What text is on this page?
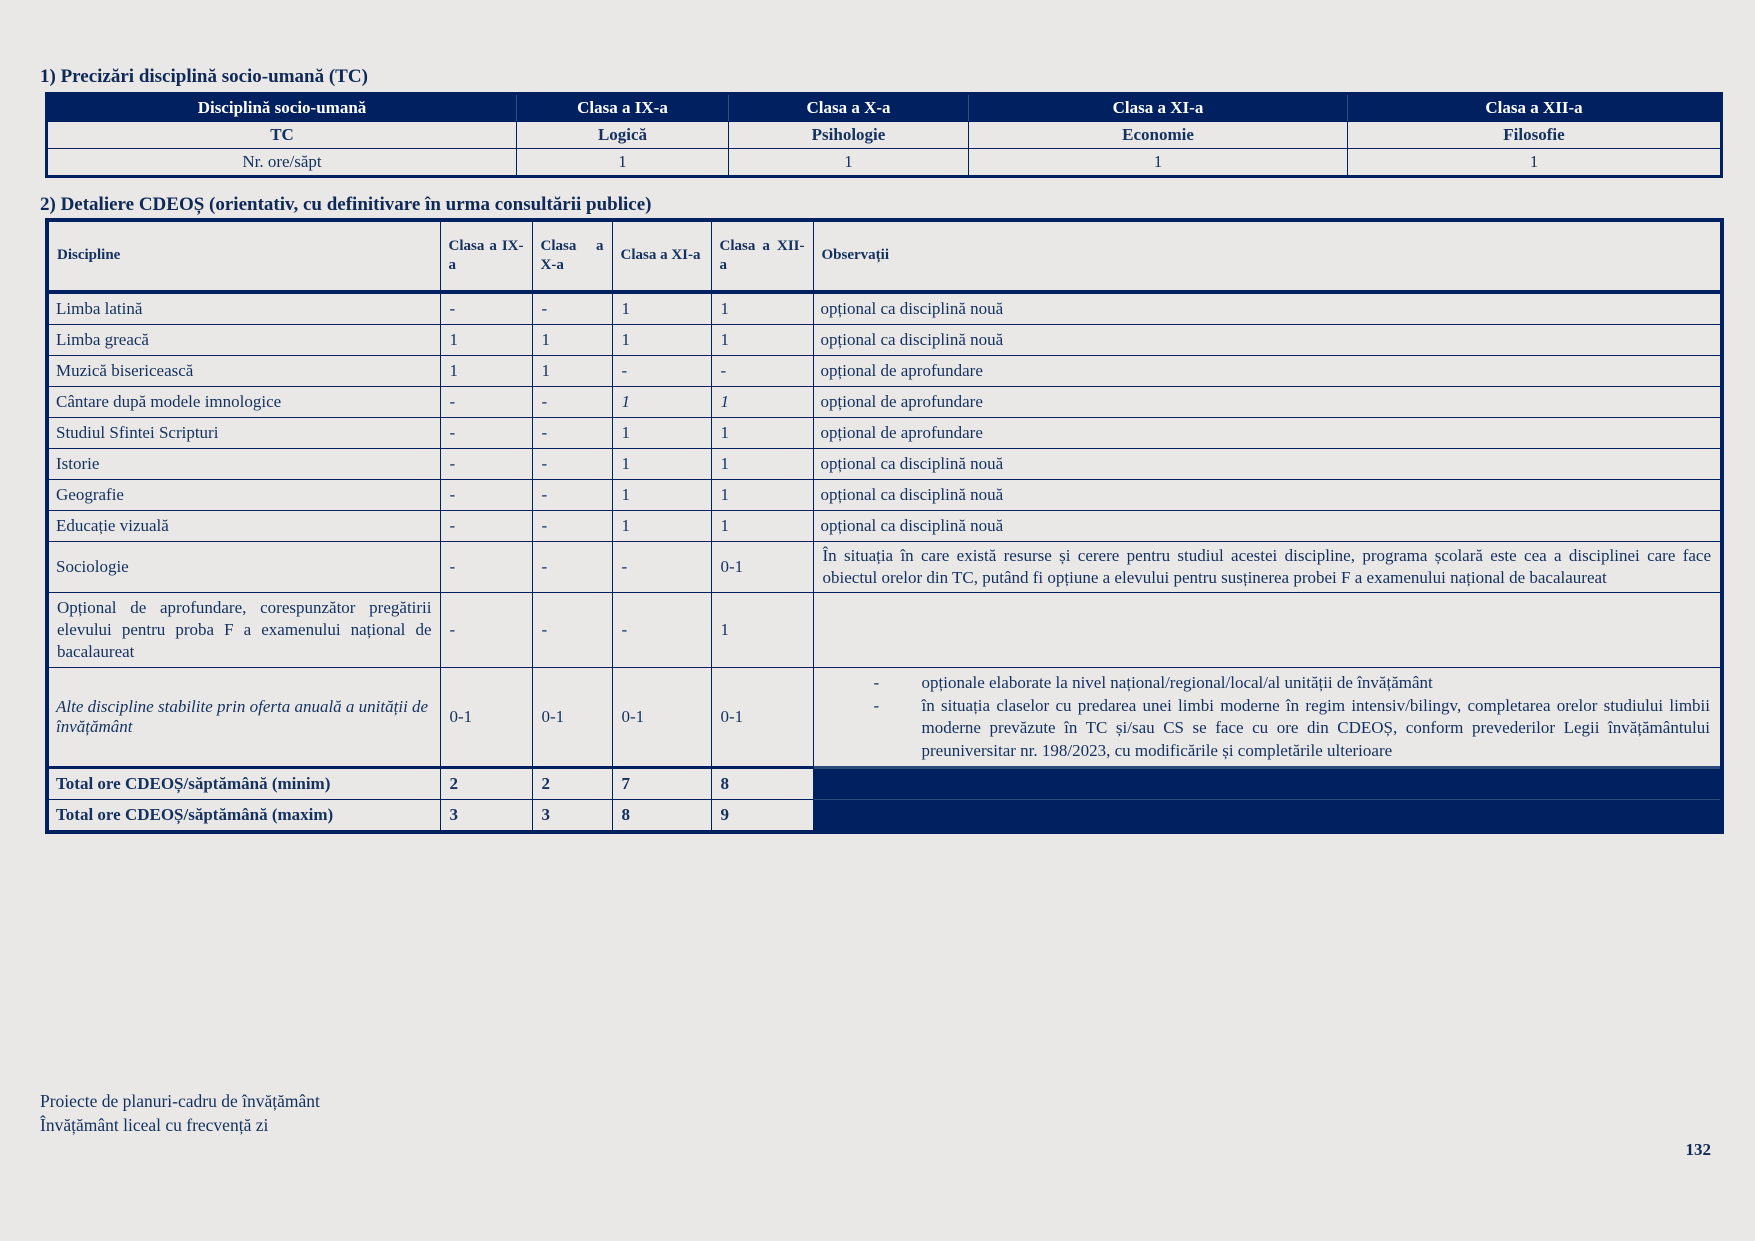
1) Precizări disciplină socio-umană (TC)
Disciplină socio-umană	Clasa a IX-a	Clasa a X-a	Clasa a XI-a	Clasa a XII-a
TC	Logică	Psihologie	Economie	Filosofie
Nr. ore/săpt	1	1	1	1
2) Detaliere CDEOȘ (orientativ, cu definitivare în urma consultării publice)
Discipline	Clasa a IX-a	Clasa a X-a	Clasa a XI-a	Clasa a XII-a	Observații
Limba latină	-	-	1	1	opțional ca disciplină nouă
Limba greacă	1	1	1	1	opțional ca disciplină nouă
Muzică bisericească	1	1	-	-	opțional de aprofundare
Cântare după modele imnologice	-	-	1	1	opțional de aprofundare
Studiul Sfintei Scripturi	-	-	1	1	opțional de aprofundare
Istorie	-	-	1	1	opțional ca disciplină nouă
Geografie	-	-	1	1	opțional ca disciplină nouă
Educație vizuală	-	-	1	1	opțional ca disciplină nouă
Sociologie	-	-	-	0-1	În situația în care există resurse și cerere pentru studiul acestei discipline, programa școlară este cea a disciplinei care face obiectul orelor din TC, putând fi opțiune a elevului pentru susținerea probei F a examenului național de bacalaureat
Opțional de aprofundare, corespunzător pregătirii elevului pentru proba F a examenului național de bacalaureat	-	-	-	1	
Alte discipline stabilite prin oferta anuală a unității de învățământ	0-1	0-1	0-1	0-1	- opționale elaborate la nivel național/regional/local/al unității de învățământ
- în situația claselor cu predarea unei limbi moderne în regim intensiv/bilingv, completarea orelor studiului limbii moderne prevăzute în TC și/sau CS se face cu ore din CDEOȘ, conform prevederilor Legii învățământului preuniversitar nr. 198/2023, cu modificările și completările ulterioare

Total ore CDEOȘ/săptămână (minim)	2	2	7	8	
Total ore CDEOȘ/săptămână (maxim)	3	3	8	9	
Proiecte de planuri-cadru de învățământ
Învățământ liceal cu frecvență zi
132
